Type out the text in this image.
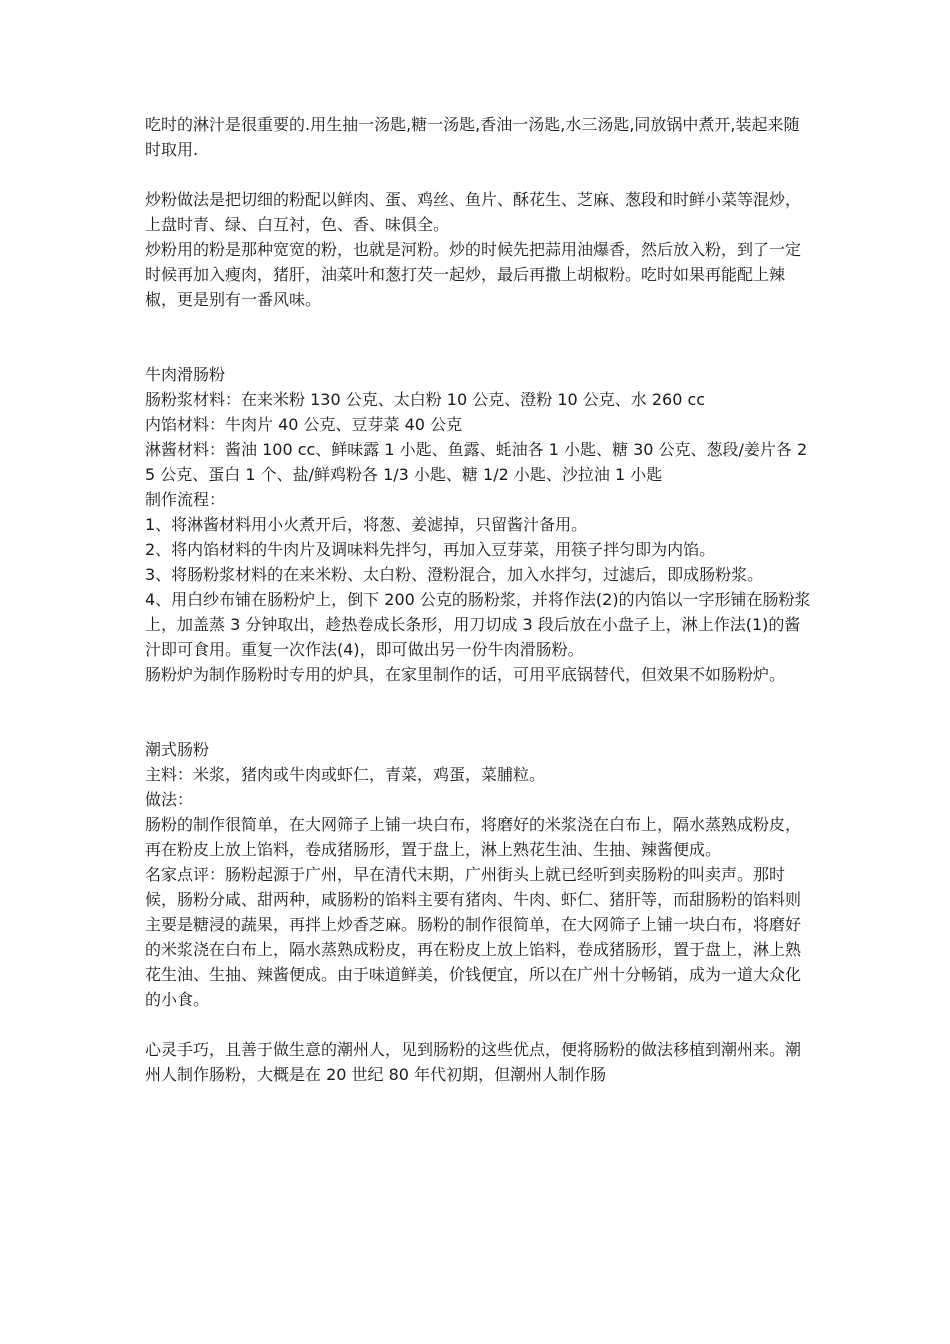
吃时的淋汁是很重要的.用生抽一汤匙,糖一汤匙,香油一汤匙,水三汤匙,同放锅中煮开,装起来随时取用.

炒粉做法是把切细的粉配以鲜肉、蛋、鸡丝、鱼片、酥花生、芝麻、葱段和时鲜小菜等混炒，上盘时青、绿、白互衬，色、香、味俱全。

炒粉用的粉是那种宽宽的粉，也就是河粉。炒的时候先把蒜用油爆香，然后放入粉，到了一定时候再加入瘦肉，猪肝，油菜叶和葱打芡一起炒，最后再撒上胡椒粉。吃时如果再能配上辣椒，更是别有一番风味。

牛肉滑肠粉

肠粉浆材料：在来米粉 130 公克、太白粉 10 公克、澄粉 10 公克、水 260 cc

内馅材料：牛肉片 40 公克、豆芽菜 40 公克

淋酱材料：酱油 100 cc、鲜味露 1 小匙、鱼露、蚝油各 1 小匙、糖 30 公克、葱段/姜片各 25 公克、蛋白 1 个、盐/鲜鸡粉各 1/3 小匙、糖 1/2 小匙、沙拉油 1 小匙

制作流程：

1、将淋酱材料用小火煮开后，将葱、姜滤掉，只留酱汁备用。

2、将内馅材料的牛肉片及调味料先拌匀，再加入豆芽菜，用筷子拌匀即为内馅。

3、将肠粉浆材料的在来米粉、太白粉、澄粉混合，加入水拌匀，过滤后，即成肠粉浆。

4、用白纱布铺在肠粉炉上，倒下 200 公克的肠粉浆，并将作法(2)的内馅以一字形铺在肠粉浆上，加盖蒸 3 分钟取出，趁热卷成长条形，用刀切成 3 段后放在小盘子上，淋上作法(1)的酱汁即可食用。重复一次作法(4)，即可做出另一份牛肉滑肠粉。

肠粉炉为制作肠粉时专用的炉具，在家里制作的话，可用平底锅替代，但效果不如肠粉炉。

潮式肠粉

主料：米浆，猪肉或牛肉或虾仁，青菜，鸡蛋，菜脯粒。

做法：

肠粉的制作很简单，在大网筛子上铺一块白布，将磨好的米浆浇在白布上，隔水蒸熟成粉皮，再在粉皮上放上馅料，卷成猪肠形，置于盘上，淋上熟花生油、生抽、辣酱便成。

名家点评：肠粉起源于广州，早在清代末期，广州街头上就已经听到卖肠粉的叫卖声。那时候，肠粉分咸、甜两种，咸肠粉的馅料主要有猪肉、牛肉、虾仁、猪肝等，而甜肠粉的馅料则主要是糖浸的蔬果，再拌上炒香芝麻。肠粉的制作很简单，在大网筛子上铺一块白布，将磨好的米浆浇在白布上，隔水蒸熟成粉皮，再在粉皮上放上馅料，卷成猪肠形，置于盘上，淋上熟花生油、生抽、辣酱便成。由于味道鲜美，价钱便宜，所以在广州十分畅销，成为一道大众化的小食。

心灵手巧，且善于做生意的潮州人，见到肠粉的这些优点，便将肠粉的做法移植到潮州来。潮州人制作肠粉，大概是在 20 世纪 80 年代初期，但潮州人制作肠
